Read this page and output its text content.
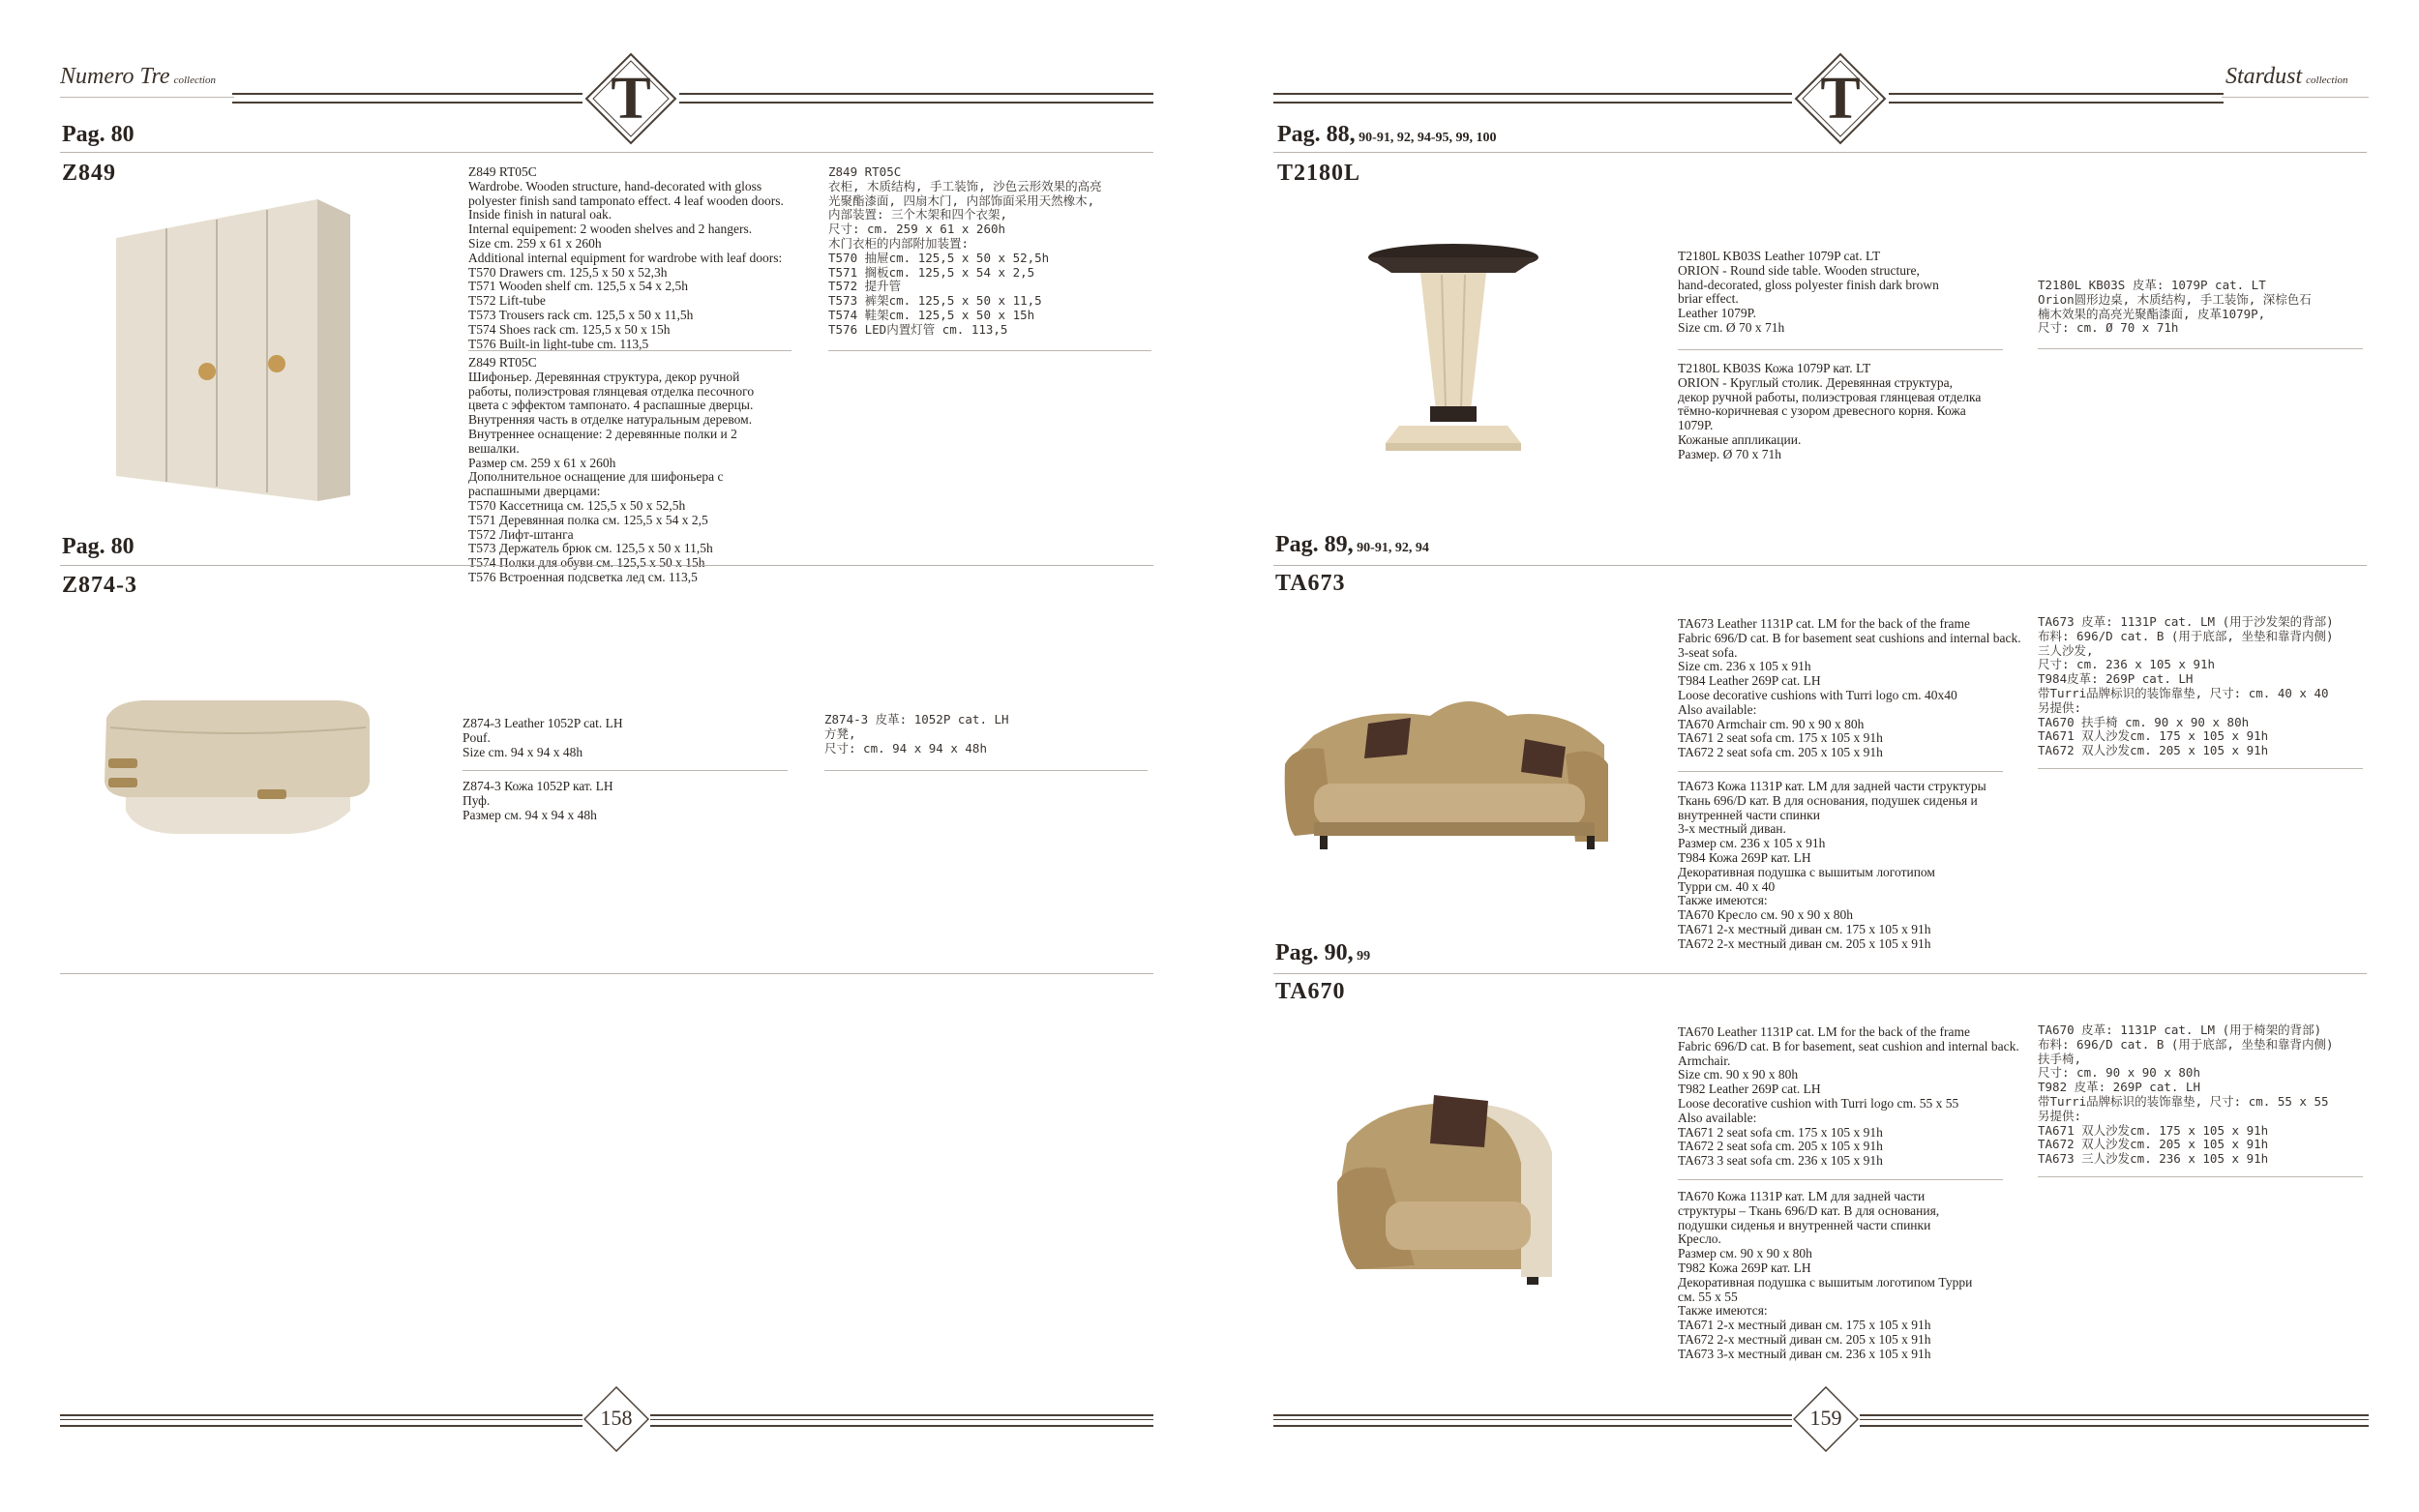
Numero Tre collection	T
Pag. 80
Z849	Z849 RT05C
Wardrobe. Wooden structure, hand-decorated with gloss
polyester finish sand tamponato effect. 4 leaf wooden doors.
Inside finish in natural oak.
Internal equipement: 2 wooden shelves and 2 hangers.
Size cm. 259 x 61 x 260h
Additional internal equipment for wardrobe with leaf doors:
T570 Drawers cm. 125,5 x 50 x 52,3h
T571 Wooden shelf cm. 125,5 x 54 x 2,5h
T572 Lift-tube
T573 Trousers rack cm. 125,5 x 50 x 11,5h
T574 Shoes rack cm. 125,5 x 50 x 15h
T576 Built-in light-tube cm. 113,5
Z849 RT05C
Шифоньер. Деревянная структура, декор ручной
работы, полиэстровая глянцевая отделка песочного
цвета с эффектом тампонато. 4 распашные дверцы.
Внутренняя часть в отделке натуральным деревом.
Внутреннее оснащение: 2 деревянные полки и 2
вешалки.
Размер см. 259 x 61 x 260h
Дополнительное оснащение для шифоньера с
распашными дверцами:
T570 Кассетница см. 125,5 x 50 x 52,5h
T571 Деревянная полка см. 125,5 x 54 x 2,5
T572 Лифт-штанга
T573 Держатель брюк см. 125,5 x 50 x 11,5h
T574 Полки для обуви см. 125,5 x 50 x 15h
T576 Встроенная подсветка лед см. 113,5
Z849 RT05C
衣柜, 木质结构, 手工装饰, 沙色云形效果的高亮
光聚酯漆面, 四扇木门, 内部饰面采用天然橡木,
内部装置: 三个木架和四个衣架,
尺寸: cm. 259 x 61 x 260h
木门衣柜的内部附加装置:
T570 抽屉cm. 125,5 x 50 x 52,5h
T571 搁板cm. 125,5 x 54 x 2,5
T572 提升管
T573 裤架cm. 125,5 x 50 x 11,5
T574 鞋架cm. 125,5 x 50 x 15h
T576 LED内置灯管 cm. 113,5
Pag. 80
Z874-3
Z874-3 Leather 1052P cat. LH
Pouf.
Size cm. 94 x 94 x 48h
Z874-3 Кожа 1052P кат. LH
Пуф.
Размер см. 94 x 94 x 48h
Z874-3 皮革: 1052P cat. LH
方凳,
尺寸: cm. 94 x 94 x 48h
158
Stardust collection
T
Pag. 88, 90-91, 92, 94-95, 99, 100
T2180L
T2180L KB03S Leather 1079P cat. LT
ORION - Round side table. Wooden structure,
hand-decorated, gloss polyester finish dark brown
briar effect.
Leather 1079P.
Size cm. Ø 70 x 71h
T2180L KB03S Кожа 1079P кат. LT
ORION - Круглый столик. Деревянная структура,
декор ручной работы, полиэстровая глянцевая отделка
тёмно-коричневая с узором древесного корня. Кожа
1079P.
Кожаные аппликации.
Размер. Ø 70 x 71h
T2180L KB03S 皮革: 1079P cat. LT
Orion圆形边桌, 木质结构, 手工装饰, 深棕色石
楠木效果的高亮光聚酯漆面, 皮革1079P,
尺寸: cm. Ø 70 x 71h
Pag. 89, 90-91, 92, 94
TA673
TA673 Leather 1131P cat. LM for the back of the frame
Fabric 696/D cat. B for basement seat cushions and internal back.
3-seat sofa.
Size cm. 236 x 105 x 91h
T984 Leather 269P cat. LH
Loose decorative cushions with Turri logo cm. 40x40
Also available:
TA670 Armchair cm. 90 x 90 x 80h
TA671 2 seat sofa cm. 175 x 105 x 91h
TA672 2 seat sofa cm. 205 x 105 x 91h
TA673 Кожа 1131P кат. LM для задней части структуры
Ткань 696/D кат. B для основания, подушек сиденья и
внутренней части спинки
3-х местный диван.
Размер см. 236 x 105 x 91h
T984 Кожа 269P кат. LH
Декоративная подушка с вышитым логотипом
Турри см. 40 x 40
Также имеются:
TA670 Кресло см. 90 x 90 x 80h
TA671 2-х местный диван см. 175 x 105 x 91h
TA672 2-х местный диван см. 205 x 105 x 91h
TA673 皮革: 1131P cat. LM (用于沙发架的背部)
布料: 696/D cat. B (用于底部, 坐垫和靠背内侧)
三人沙发,
尺寸: cm. 236 x 105 x 91h
T984皮革: 269P cat. LH
带Turri品牌标识的装饰靠垫, 尺寸: cm. 40 x 40
另提供:
TA670 扶手椅 cm. 90 x 90 x 80h
TA671 双人沙发cm. 175 x 105 x 91h
TA672 双人沙发cm. 205 x 105 x 91h
Pag. 90, 99
TA670
TA670 Leather 1131P cat. LM for the back of the frame
Fabric 696/D cat. B for basement, seat cushion and internal back.
Armchair.
Size cm. 90 x 90 x 80h
T982 Leather 269P cat. LH
Loose decorative cushion with Turri logo cm. 55 x 55
Also available:
TA671 2 seat sofa cm. 175 x 105 x 91h
TA672 2 seat sofa cm. 205 x 105 x 91h
TA673 3 seat sofa cm. 236 x 105 x 91h
TA670 Кожа 1131P кат. LM для задней части
структуры – Ткань 696/D кат. B для основания,
подушки сиденья и внутренней части спинки
Кресло.
Размер см. 90 x 90 x 80h
T982 Кожа 269P кат. LH
Декоративная подушка с вышитым логотипом Турри
см. 55 x 55
Также имеются:
TA671 2-х местный диван см. 175 x 105 x 91h
TA672 2-х местный диван см. 205 x 105 x 91h
TA673 3-х местный диван см. 236 x 105 x 91h
TA670 皮革: 1131P cat. LM (用于椅架的背部)
布料: 696/D cat. B (用于底部, 坐垫和靠背内侧)
扶手椅,
尺寸: cm. 90 x 90 x 80h
T982 皮革: 269P cat. LH
带Turri品牌标识的装饰靠垫, 尺寸: cm. 55 x 55
另提供:
TA671 双人沙发cm. 175 x 105 x 91h
TA672 双人沙发cm. 205 x 105 x 91h
TA673 三人沙发cm. 236 x 105 x 91h
159
